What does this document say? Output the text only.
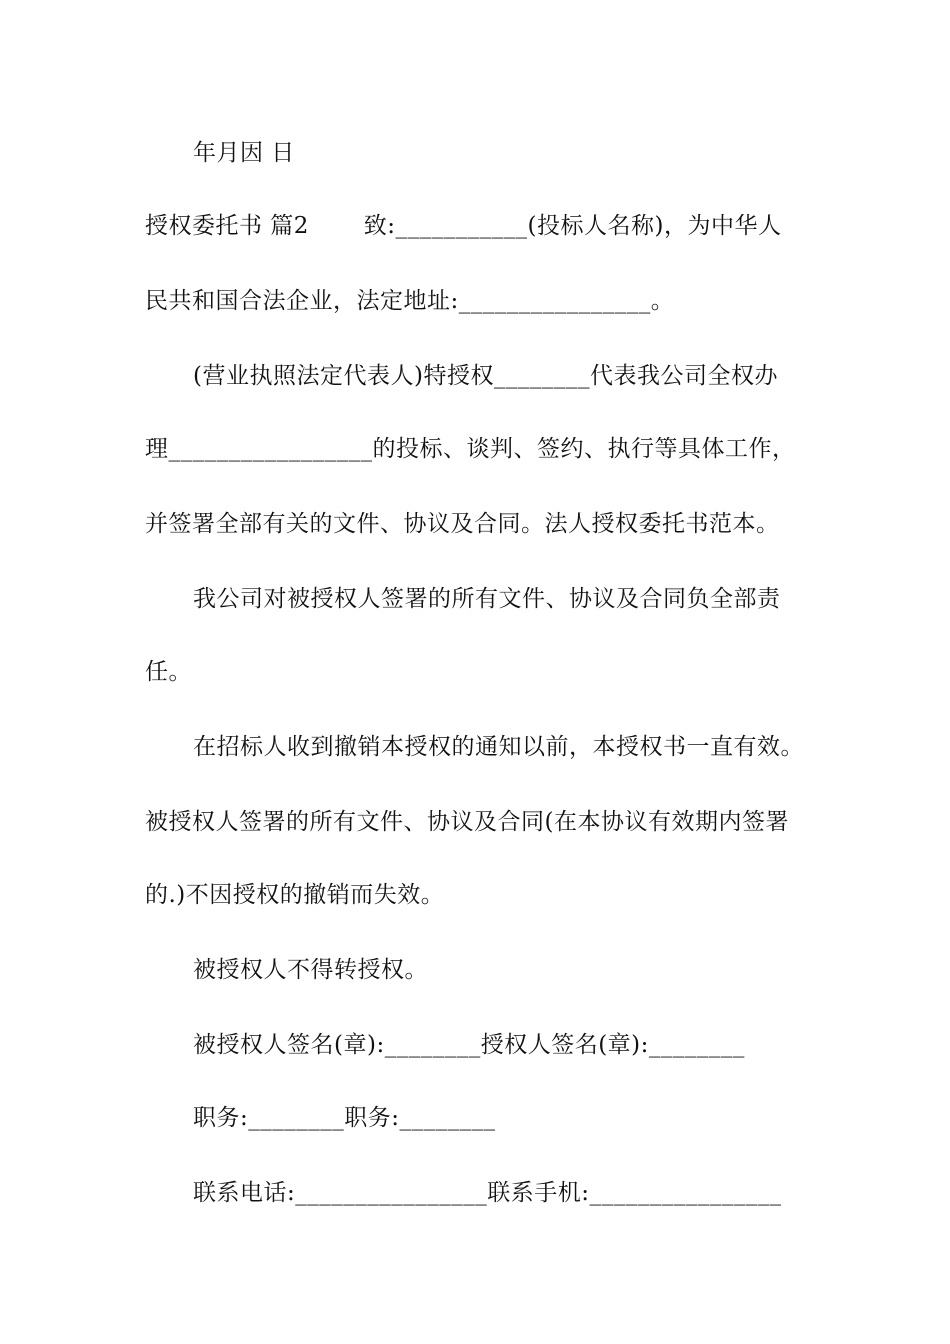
年月因 日
授权委托书 篇2 　　致:___________(投标人名称)，为中华人
民共和国合法企业，法定地址:________________。
(营业执照法定代表人)特授权________代表我公司全权办
理_________________的投标、谈判、签约、执行等具体工作，
并签署全部有关的文件、协议及合同。法人授权委托书范本。
我公司对被授权人签署的所有文件、协议及合同负全部责
任。
在招标人收到撤销本授权的通知以前，本授权书一直有效。
被授权人签署的所有文件、协议及合同(在本协议有效期内签署
的.)不因授权的撤销而失效。
被授权人不得转授权。
被授权人签名(章):________授权人签名(章):________
职务:________职务:________
联系电话:________________联系手机:________________
